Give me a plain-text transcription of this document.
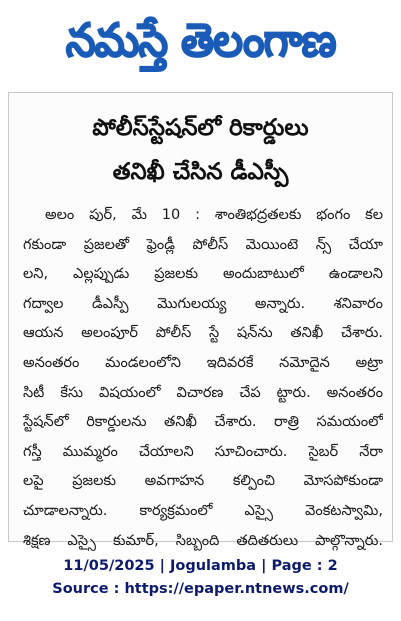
నమస్తే తెలంగాణ
పోలీస్‌స్టేషన్‌లో రికార్డులు
తనిఖీ చేసిన డీఎస్పీ
అలం పుర్, మే 10 : శాంతిభద్రతలకు భంగం కల
గకుండా ప్రజలతో ఫ్రెండ్లీ పోలీస్ మెయింటె న్స్ చేయా
లని, ఎల్లప్పుడు ప్రజలకు అందుబాటులో ఉండాలని
గద్వాల డీఎస్పీ మొగులయ్య అన్నారు. శనివారం
ఆయన అలంపూర్ పోలీస్ స్టే షన్‌ను తనిఖీ చేశారు.
అనంతరం మండలంలోని ఇదివరకే నమోదైన అట్రా
సిటీ కేసు విషయంలో విచారణ చేప ట్టారు. అనంతరం
స్టేషన్‌లో రికార్డులను తనిఖీ చేశారు. రాత్రి సమయంలో
గస్తీ ముమ్మరం చేయాలని సూచించారు. సైబర్ నేరా
లపై ప్రజలకు అవగాహన కల్పించి మోసపోకుండా
చూడాలన్నారు. కార్యక్రమంలో ఎస్సై వెంకటస్వామి,
శిక్షణ ఎస్సై కుమార్, సిబ్బంది తదితరులు పాల్గొన్నారు.
11/05/2025 | Jogulamba | Page : 2
Source : https://epaper.ntnews.com/
